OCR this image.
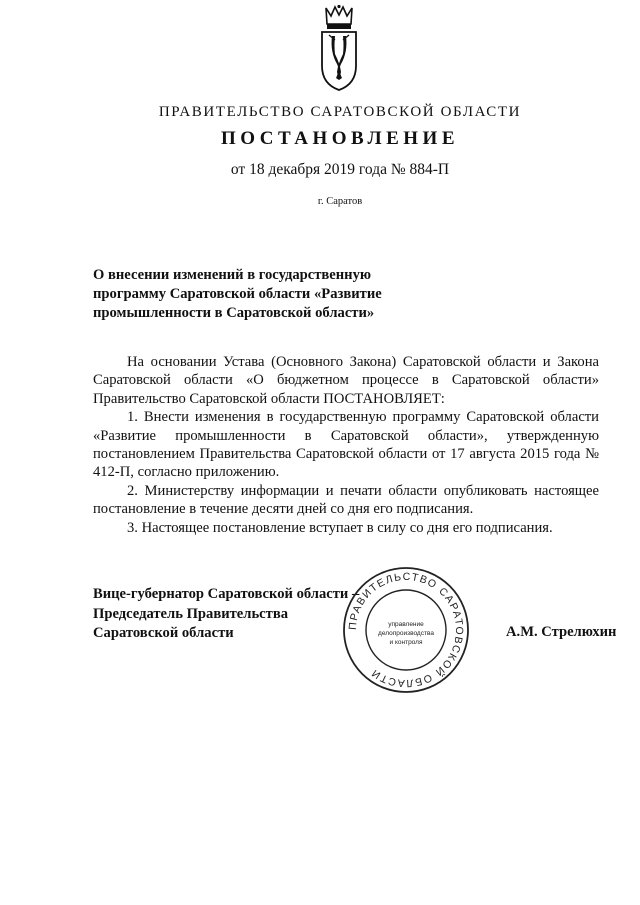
ПРАВИТЕЛЬСТВО САРАТОВСКОЙ ОБЛАСТИ
ПОСТАНОВЛЕНИЕ
от 18 декабря 2019 года № 884-П
г. Саратов
О внесении изменений в государственную
программу Саратовской области «Развитие
промышленности в Саратовской области»

На основании Устава (Основного Закона) Саратовской области и Закона Саратовской области «О бюджетном процессе в Саратовской области» Правительство Саратовской области ПОСТАНОВЛЯЕТ:

1. Внести изменения в государственную программу Саратовской области «Развитие промышленности в Саратовской области», утвержденную постановлением Правительства Саратовской области от 17 августа 2015 года № 412-П, согласно приложению.

2. Министерству информации и печати области опубликовать настоящее постановление в течение десяти дней со дня его подписания.

3. Настоящее постановление вступает в силу со дня его подписания.

Вице-губернатор Саратовской области –
Председатель Правительства
Саратовской области	А.М. Стрелюхин
ПРАВИТЕЛЬСТВО САРАТОВСКОЙ ОБЛАСТИ
управление
делопроизводства
и контроля
